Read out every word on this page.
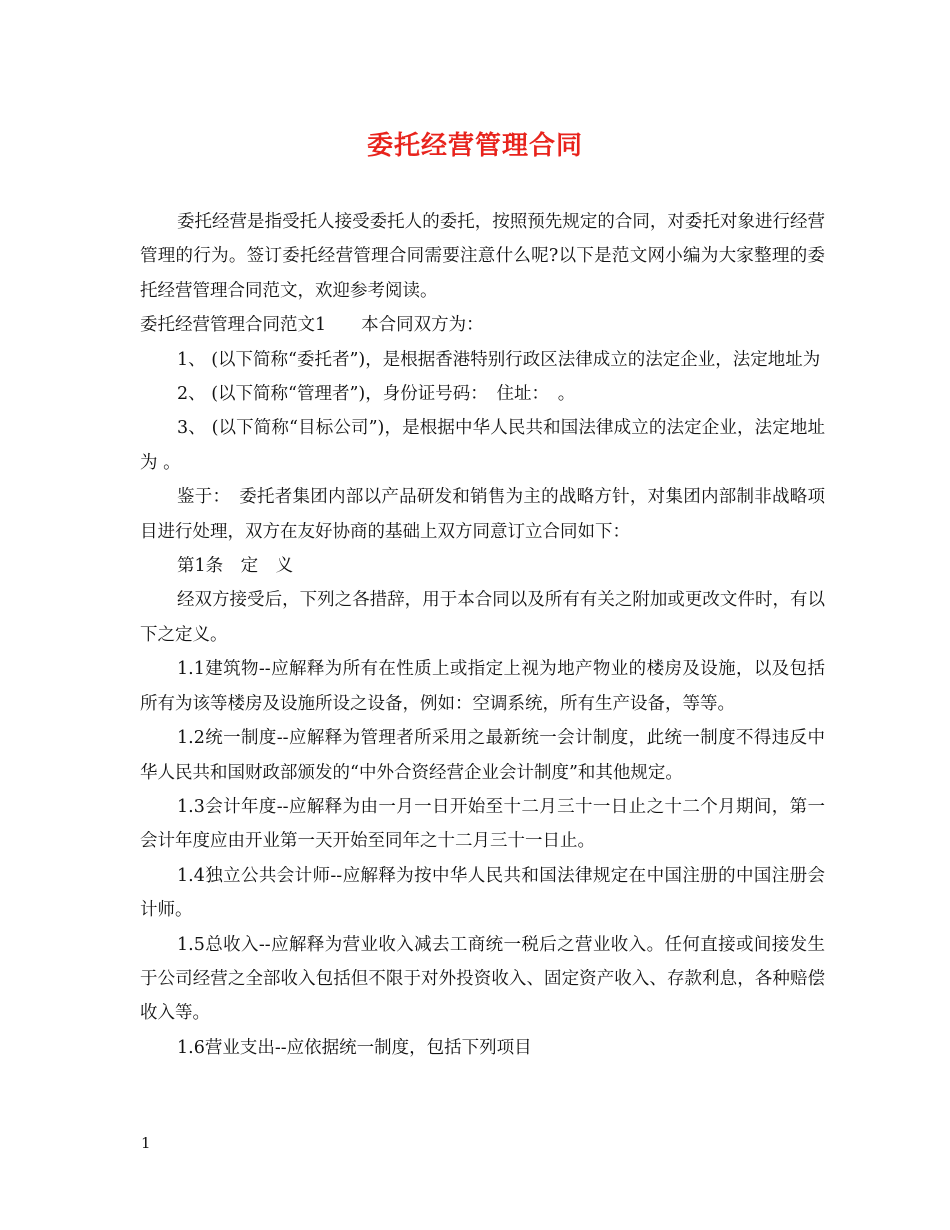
委托经营管理合同

委托经营是指受托人接受委托人的委托，按照预先规定的合同，对委托对象进行经营管理的行为。签订委托经营管理合同需要注意什么呢?以下是范文网小编为大家整理的委托经营管理合同范文，欢迎参考阅读。

委托经营管理合同范文1　　本合同双方为：

1、 (以下简称“委托者”)，是根据香港特别行政区法律成立的法定企业，法定地址为

2、 (以下简称“管理者”)，身份证号码：　住址：　。

3、 (以下简称“目标公司”)，是根据中华人民共和国法律成立的法定企业，法定地址为 。

鉴于：　委托者集团内部以产品研发和销售为主的战略方针，对集团内部制非战略项目进行处理，双方在友好协商的基础上双方同意订立合同如下：

第1条　定　义

经双方接受后，下列之各措辞，用于本合同以及所有有关之附加或更改文件时，有以下之定义。

1.1建筑物--应解释为所有在性质上或指定上视为地产物业的楼房及设施，以及包括所有为该等楼房及设施所设之设备，例如：空调系统，所有生产设备，等等。

1.2统一制度--应解释为管理者所采用之最新统一会计制度，此统一制度不得违反中华人民共和国财政部颁发的“中外合资经营企业会计制度”和其他规定。

1.3会计年度--应解释为由一月一日开始至十二月三十一日止之十二个月期间，第一会计年度应由开业第一天开始至同年之十二月三十一日止。

1.4独立公共会计师--应解释为按中华人民共和国法律规定在中国注册的中国注册会计师。

1.5总收入--应解释为营业收入减去工商统一税后之营业收入。任何直接或间接发生于公司经营之全部收入包括但不限于对外投资收入、固定资产收入、存款利息，各种赔偿收入等。

1.6营业支出--应依据统一制度，包括下列项目

1
